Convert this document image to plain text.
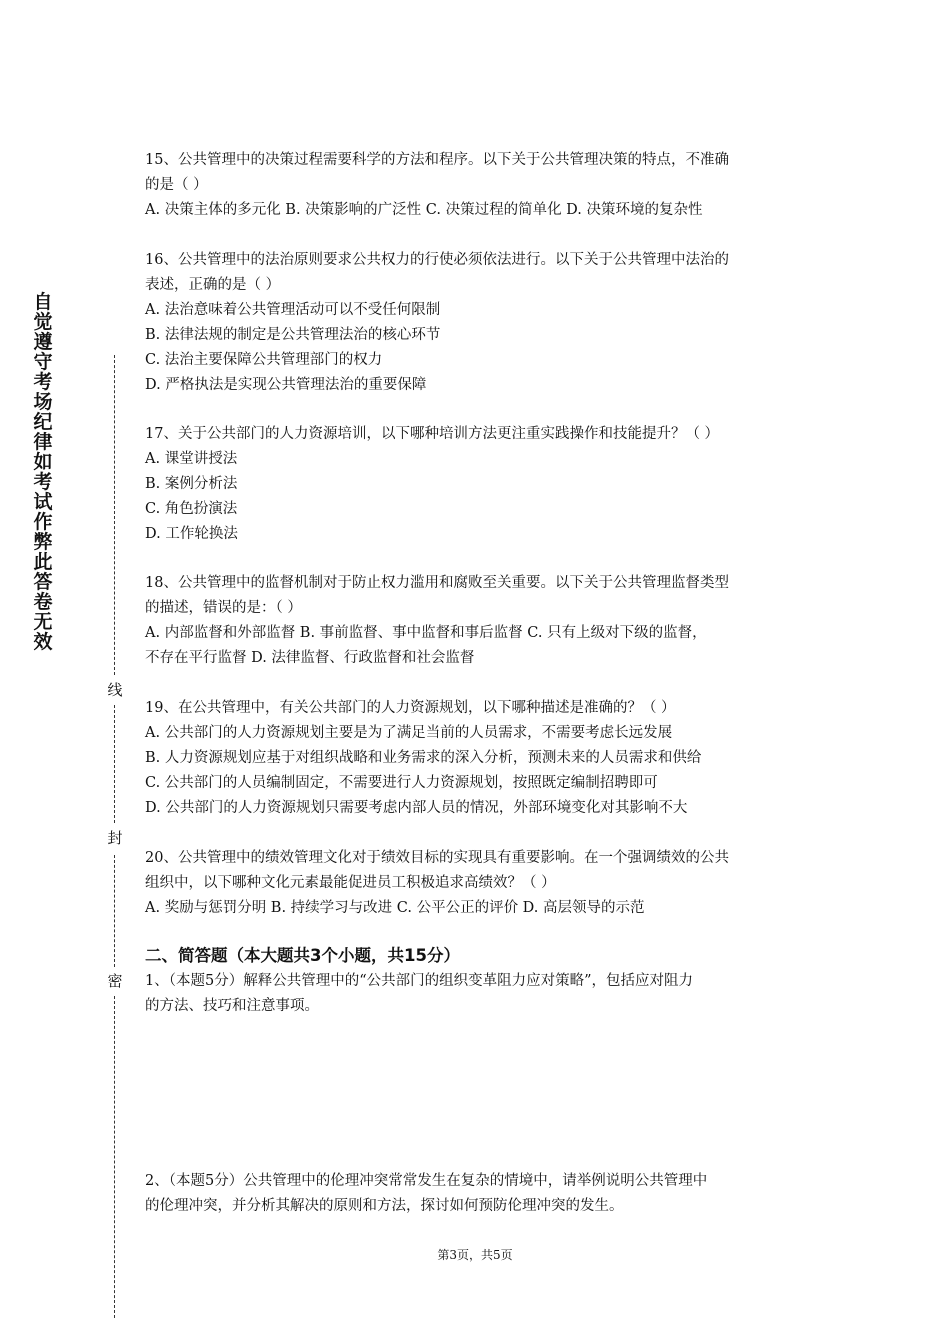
自
觉
遵
守
考
场
纪
律
如
考
试
作
弊
此
答
卷
无
效
线
封
密
15、公共管理中的决策过程需要科学的方法和程序。以下关于公共管理决策的特点，不准确
的是（ ）
A. 决策主体的多元化 B. 决策影响的广泛性 C. 决策过程的简单化 D. 决策环境的复杂性
16、公共管理中的法治原则要求公共权力的行使必须依法进行。以下关于公共管理中法治的
表述，正确的是（ ）
A. 法治意味着公共管理活动可以不受任何限制
B. 法律法规的制定是公共管理法治的核心环节
C. 法治主要保障公共管理部门的权力
D. 严格执法是实现公共管理法治的重要保障
17、关于公共部门的人力资源培训，以下哪种培训方法更注重实践操作和技能提升？（ ）
A. 课堂讲授法
B. 案例分析法
C. 角色扮演法
D. 工作轮换法
18、公共管理中的监督机制对于防止权力滥用和腐败至关重要。以下关于公共管理监督类型
的描述，错误的是：（ ）
A. 内部监督和外部监督 B. 事前监督、事中监督和事后监督 C. 只有上级对下级的监督，
不存在平行监督 D. 法律监督、行政监督和社会监督
19、在公共管理中，有关公共部门的人力资源规划，以下哪种描述是准确的？（ ）
A. 公共部门的人力资源规划主要是为了满足当前的人员需求，不需要考虑长远发展
B. 人力资源规划应基于对组织战略和业务需求的深入分析，预测未来的人员需求和供给
C. 公共部门的人员编制固定，不需要进行人力资源规划，按照既定编制招聘即可
D. 公共部门的人力资源规划只需要考虑内部人员的情况，外部环境变化对其影响不大
20、公共管理中的绩效管理文化对于绩效目标的实现具有重要影响。在一个强调绩效的公共
组织中，以下哪种文化元素最能促进员工积极追求高绩效？（ ）
A. 奖励与惩罚分明 B. 持续学习与改进 C. 公平公正的评价 D. 高层领导的示范
二、简答题（本大题共3个小题，共15分）
1、（本题5分）解释公共管理中的“公共部门的组织变革阻力应对策略”，包括应对阻力
的方法、技巧和注意事项。
2、（本题5分）公共管理中的伦理冲突常常发生在复杂的情境中，请举例说明公共管理中
的伦理冲突，并分析其解决的原则和方法，探讨如何预防伦理冲突的发生。
第3页，共5页
